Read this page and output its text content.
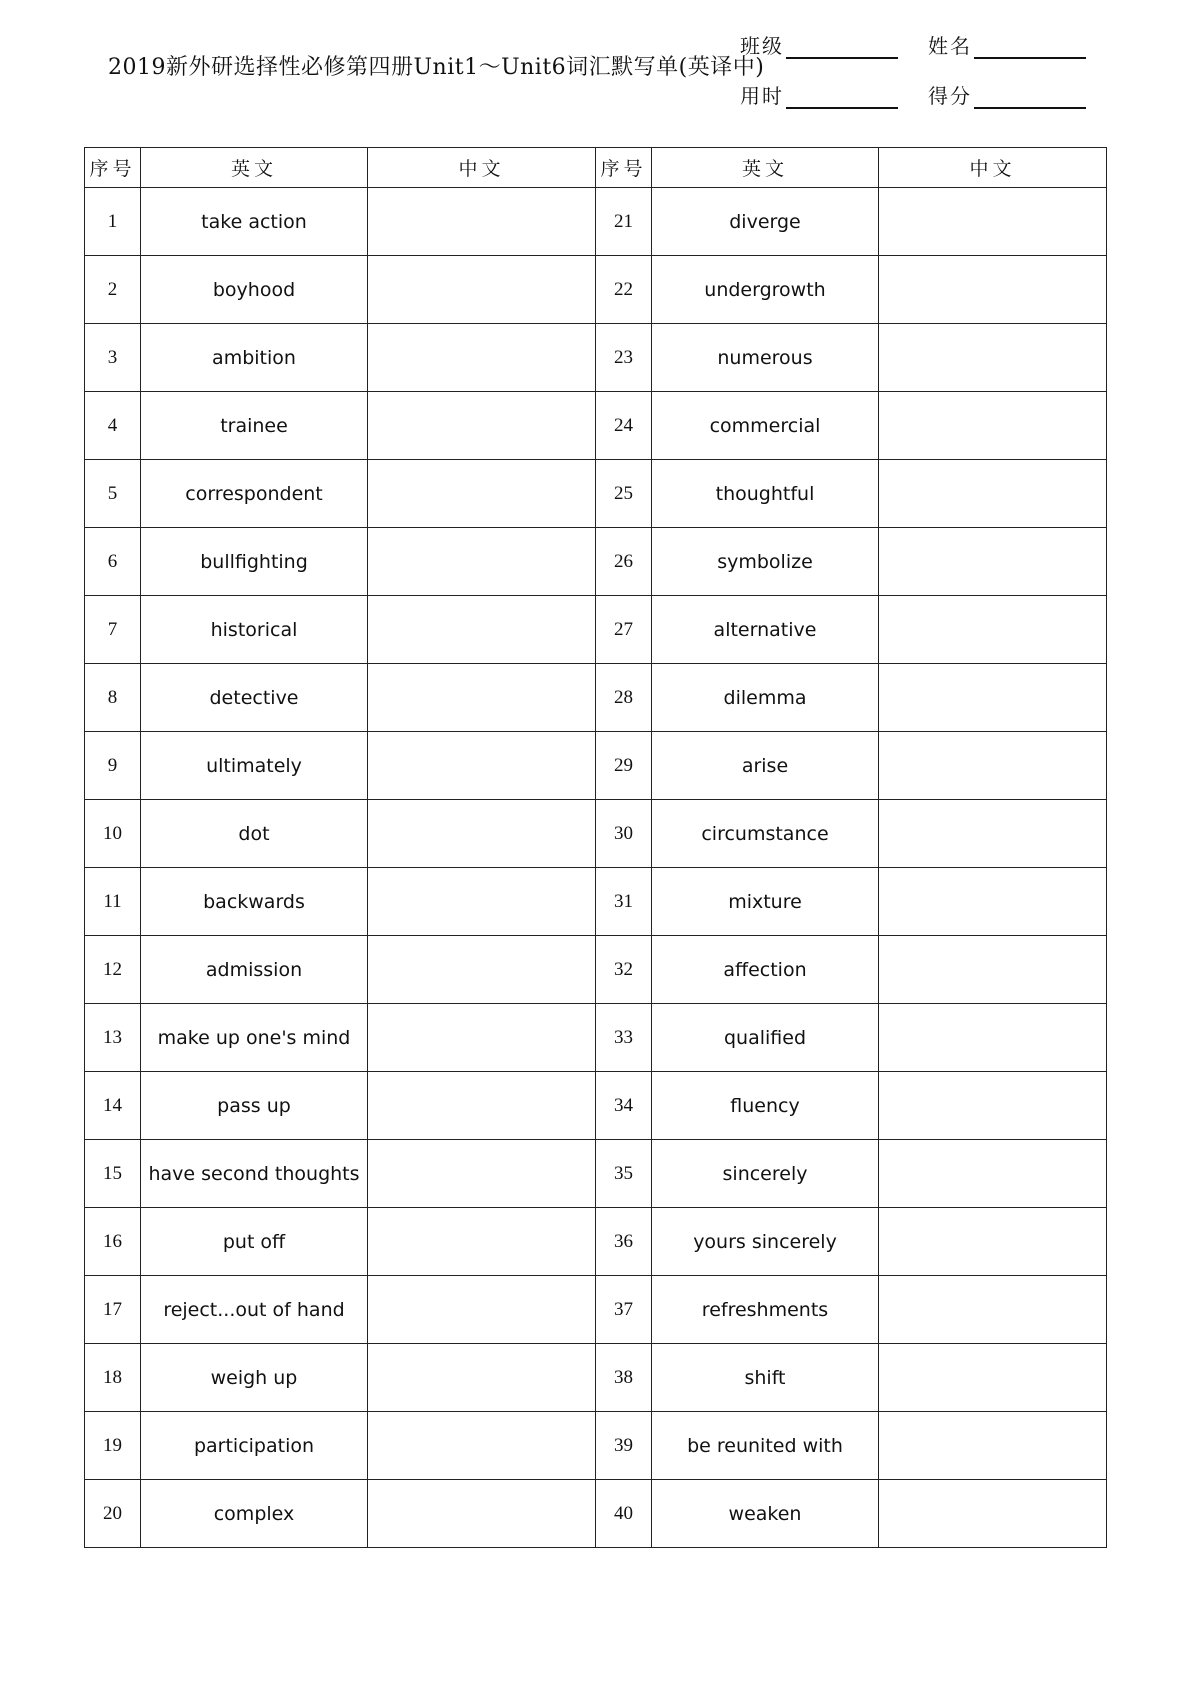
2019新外研选择性必修第四册Unit1～Unit6词汇默写单(英译中)
班级	姓名
用时	得分
序号	英文	中文	序号	英文	中文
1	take action		21	diverge	
2	boyhood		22	undergrowth	
3	ambition		23	numerous	
4	trainee		24	commercial	
5	correspondent		25	thoughtful	
6	bullfighting		26	symbolize	
7	historical		27	alternative	
8	detective		28	dilemma	
9	ultimately		29	arise	
10	dot		30	circumstance	
11	backwards		31	mixture	
12	admission		32	affection	
13	make up one's mind		33	qualified	
14	pass up		34	fluency	
15	have second thoughts		35	sincerely	
16	put off		36	yours sincerely	
17	reject...out of hand		37	refreshments	
18	weigh up		38	shift	
19	participation		39	be reunited with	
20	complex		40	weaken	
